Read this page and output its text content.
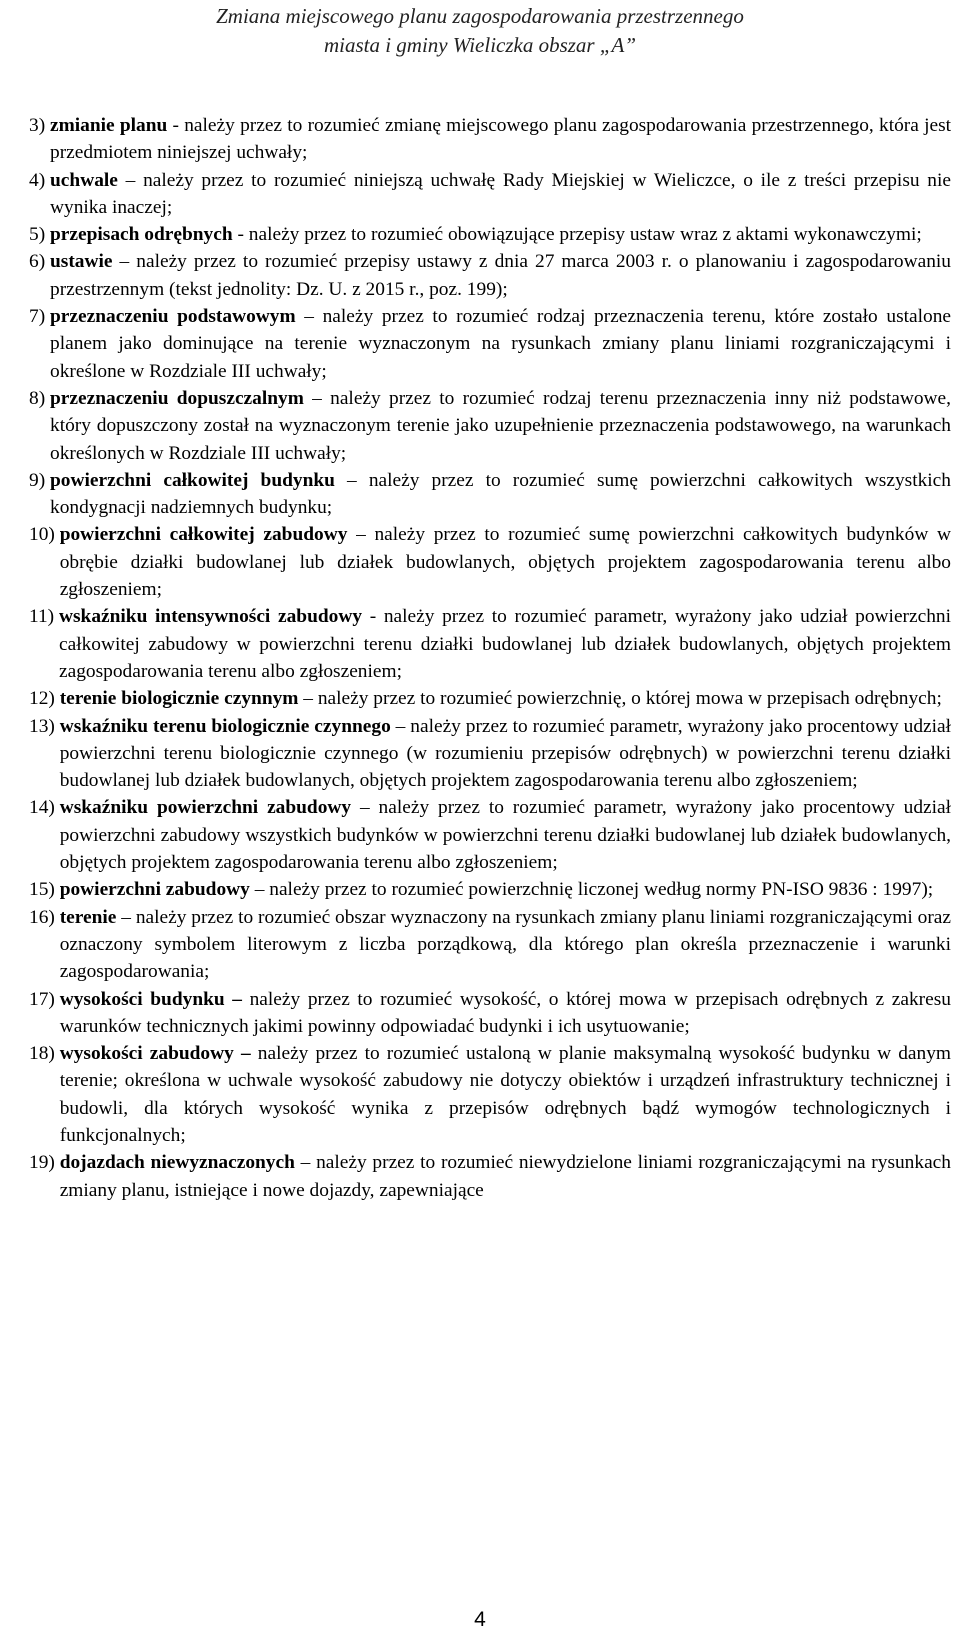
Zmiana miejscowego planu zagospodarowania przestrzennego
miasta i gminy Wieliczka obszar „A”
3) zmianie planu - należy przez to rozumieć zmianę miejscowego planu zagospodarowania przestrzennego, która jest przedmiotem niniejszej uchwały;
4) uchwale – należy przez to rozumieć niniejszą uchwałę Rady Miejskiej w Wieliczce, o ile z treści przepisu nie wynika inaczej;
5) przepisach odrębnych - należy przez to rozumieć obowiązujące przepisy ustaw wraz z aktami wykonawczymi;
6) ustawie – należy przez to rozumieć przepisy ustawy z dnia 27 marca 2003 r. o planowaniu i zagospodarowaniu przestrzennym (tekst jednolity: Dz. U. z 2015 r., poz. 199);
7) przeznaczeniu podstawowym – należy przez to rozumieć rodzaj przeznaczenia terenu, które zostało ustalone planem jako dominujące na terenie wyznaczonym na rysunkach zmiany planu liniami rozgraniczającymi i określone w Rozdziale III uchwały;
8) przeznaczeniu dopuszczalnym – należy przez to rozumieć rodzaj terenu przeznaczenia inny niż podstawowe, który dopuszczony został na wyznaczonym terenie jako uzupełnienie przeznaczenia podstawowego, na warunkach określonych w Rozdziale III uchwały;
9) powierzchni całkowitej budynku – należy przez to rozumieć sumę powierzchni całkowitych wszystkich kondygnacji nadziemnych budynku;
10) powierzchni całkowitej zabudowy – należy przez to rozumieć sumę powierzchni całkowitych budynków w obrębie działki budowlanej lub działek budowlanych, objętych projektem zagospodarowania terenu albo zgłoszeniem;
11) wskaźniku intensywności zabudowy - należy przez to rozumieć parametr, wyrażony jako udział powierzchni całkowitej zabudowy w powierzchni terenu działki budowlanej lub działek budowlanych, objętych projektem zagospodarowania terenu albo zgłoszeniem;
12) terenie biologicznie czynnym – należy przez to rozumieć powierzchnię, o której mowa w przepisach odrębnych;
13) wskaźniku terenu biologicznie czynnego – należy przez to rozumieć parametr, wyrażony jako procentowy udział powierzchni terenu biologicznie czynnego (w rozumieniu przepisów odrębnych) w powierzchni terenu działki budowlanej lub działek budowlanych, objętych projektem zagospodarowania terenu albo zgłoszeniem;
14) wskaźniku powierzchni zabudowy – należy przez to rozumieć parametr, wyrażony jako procentowy udział powierzchni zabudowy wszystkich budynków w powierzchni terenu działki budowlanej lub działek budowlanych, objętych projektem zagospodarowania terenu albo zgłoszeniem;
15) powierzchni zabudowy – należy przez to rozumieć powierzchnię liczonej według normy PN-ISO 9836 : 1997);
16) terenie – należy przez to rozumieć obszar wyznaczony na rysunkach zmiany planu liniami rozgraniczającymi oraz oznaczony symbolem literowym z liczba porządkową, dla którego plan określa przeznaczenie i warunki zagospodarowania;
17) wysokości budynku – należy przez to rozumieć wysokość, o której mowa w przepisach odrębnych z zakresu warunków technicznych jakimi powinny odpowiadać budynki i ich usytuowanie;
18) wysokości zabudowy – należy przez to rozumieć ustaloną w planie maksymalną wysokość budynku w danym terenie; określona w uchwale wysokość zabudowy nie dotyczy obiektów i urządzeń infrastruktury technicznej i budowli, dla których wysokość wynika z przepisów odrębnych bądź wymogów technologicznych i funkcjonalnych;
19) dojazdach niewyznaczonych – należy przez to rozumieć niewydzielone liniami rozgraniczającymi na rysunkach zmiany planu, istniejące i nowe dojazdy, zapewniające
4
